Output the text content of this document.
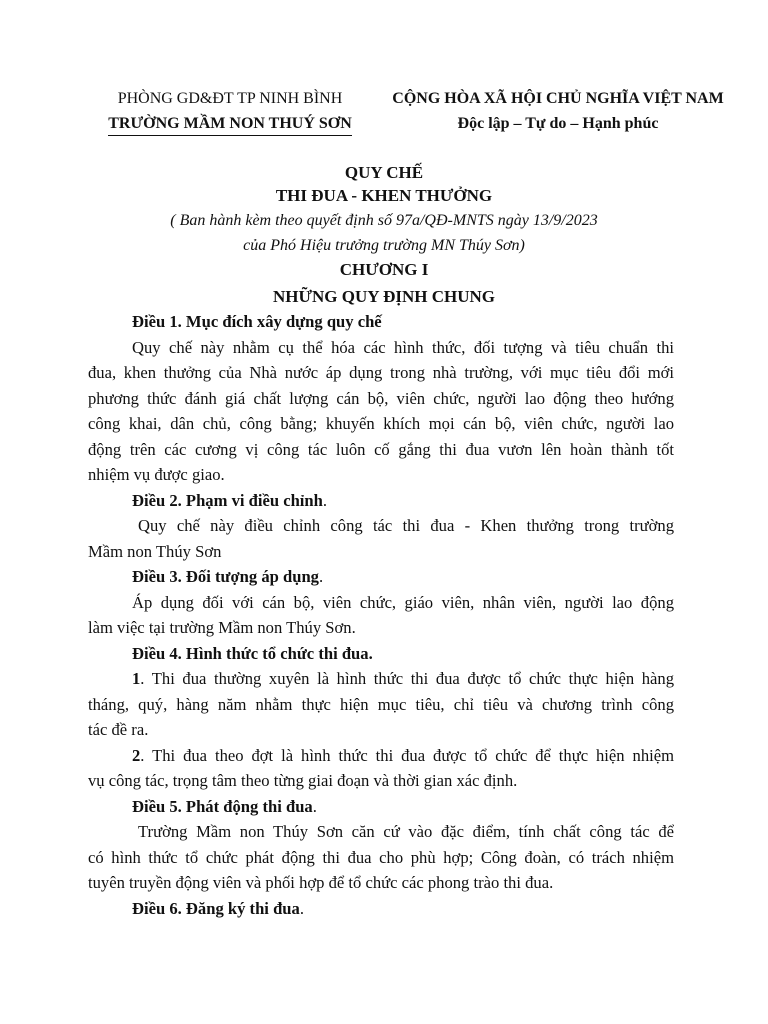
PHÒNG GD&ĐT TP NINH BÌNH
TRƯỜNG MẦM NON THUÝ SƠN
CỘNG HÒA XÃ HỘI CHỦ NGHĨA VIỆT NAM
Độc lập – Tự do – Hạnh phúc
QUY CHẾ
THI ĐUA - KHEN THƯỞNG
( Ban hành kèm theo quyết định số 97a/QĐ-MNTS ngày 13/9/2023
của Phó Hiệu trưởng trường MN Thúy Sơn)
CHƯƠNG I
NHỮNG QUY ĐỊNH CHUNG

Điều 1. Mục đích xây dựng quy chế

Quy chế này nhằm cụ thể hóa các hình thức, đối tượng và tiêu chuẩn thi

đua, khen thưởng của Nhà nước áp dụng trong nhà trường, với mục tiêu đổi mới

phương thức đánh giá chất lượng cán bộ, viên chức, người lao động theo hướng

công khai, dân chủ, công bằng; khuyến khích mọi cán bộ, viên chức, người lao

động trên các cương vị công tác luôn cố gắng thi đua vươn lên hoàn thành tốt

nhiệm vụ được giao.

Điều 2. Phạm vi điều chỉnh.

Quy chế này điều chỉnh công tác thi đua - Khen thưởng trong trường

Mầm non Thúy Sơn

Điều 3. Đối tượng áp dụng.

Áp dụng đối với cán bộ, viên chức, giáo viên, nhân viên, người lao động

làm việc tại trường Mầm non Thúy Sơn.

Điều 4. Hình thức tổ chức thi đua.

1. Thi đua thường xuyên là hình thức thi đua được tổ chức thực hiện hàng

tháng, quý, hàng năm nhằm thực hiện mục tiêu, chỉ tiêu và chương trình công

tác đề ra.

2. Thi đua theo đợt là hình thức thi đua được tổ chức để thực hiện nhiệm

vụ công tác, trọng tâm theo từng giai đoạn và thời gian xác định.

Điều 5. Phát động thi đua.

Trường Mầm non Thúy Sơn căn cứ vào đặc điểm, tính chất công tác để

có hình thức tổ chức phát động thi đua cho phù hợp; Công đoàn, có trách nhiệm

tuyên truyền động viên và phối hợp để tổ chức các phong trào thi đua.

Điều 6. Đăng ký thi đua.
